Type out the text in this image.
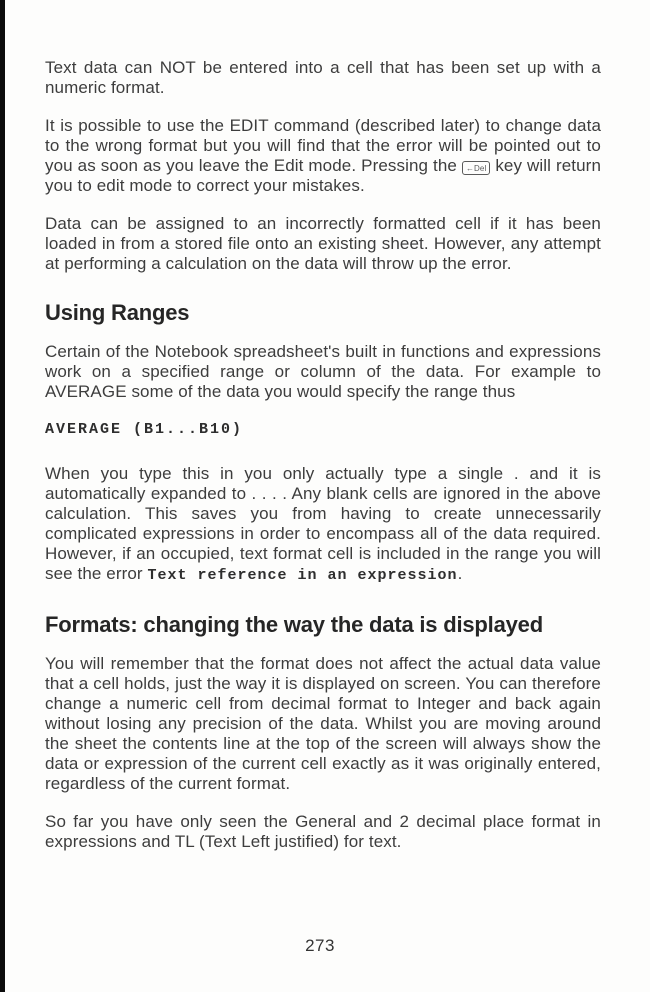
Text data can NOT be entered into a cell that has been set up with a numeric format.

It is possible to use the EDIT command (described later) to change data to the wrong format but you will find that the error will be pointed out to you as soon as you leave the Edit mode. Pressing the ←Del key will return you to edit mode to correct your mistakes.

Data can be assigned to an incorrectly formatted cell if it has been loaded in from a stored file onto an existing sheet. However, any attempt at performing a calculation on the data will throw up the error.

Using Ranges

Certain of the Notebook spreadsheet's built in functions and expressions work on a specified range or column of the data. For example to AVERAGE some of the data you would specify the range thus

AVERAGE (B1...B10)

When you type this in you only actually type a single . and it is automatically expanded to . . . . Any blank cells are ignored in the above calculation. This saves you from having to create unnecessarily complicated expressions in order to encompass all of the data required. However, if an occupied, text format cell is included in the range you will see the error Text reference in an expression.

Formats: changing the way the data is displayed

You will remember that the format does not affect the actual data value that a cell holds, just the way it is displayed on screen. You can therefore change a numeric cell from decimal format to Integer and back again without losing any precision of the data. Whilst you are moving around the sheet the contents line at the top of the screen will always show the data or expression of the current cell exactly as it was originally entered, regardless of the current format.

So far you have only seen the General and 2 decimal place format in expressions and TL (Text Left justified) for text.

273
